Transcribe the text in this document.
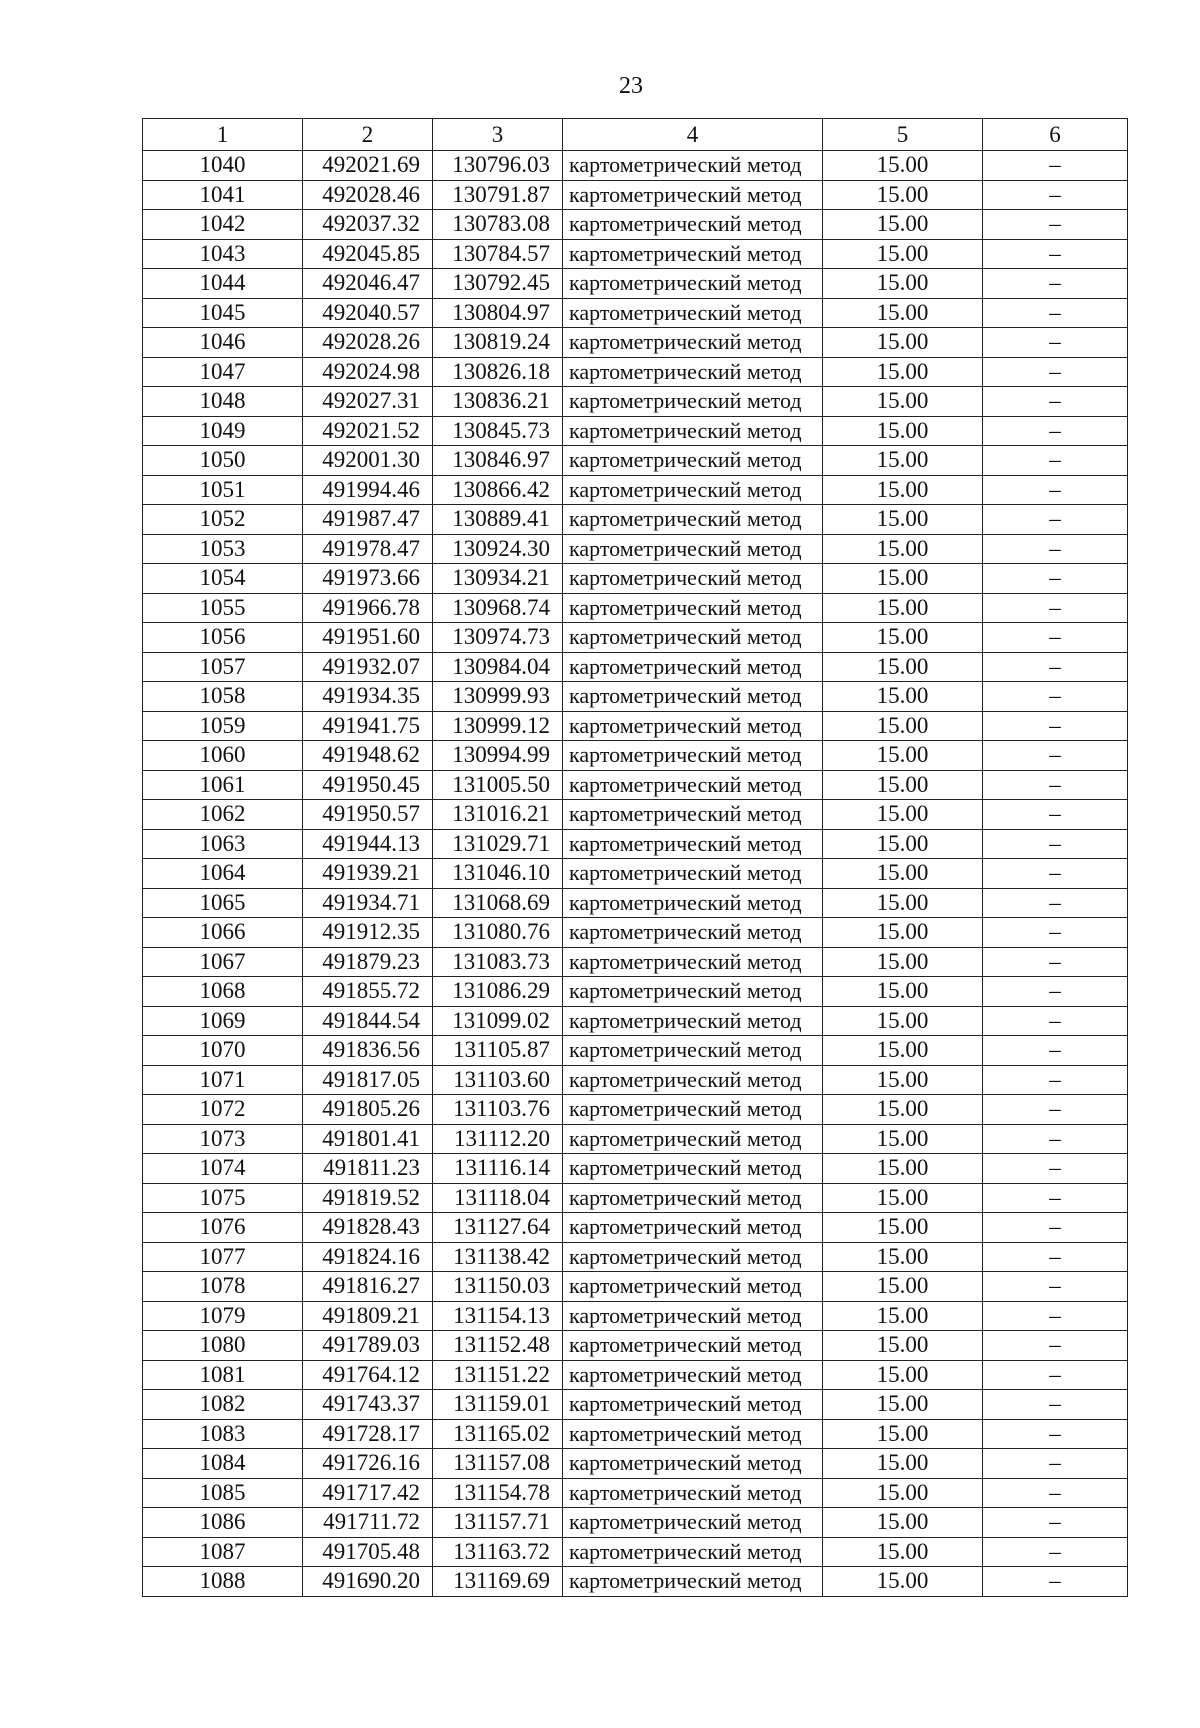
23
1	2	3	4	5	6
1040	492021.69	130796.03	картометрический метод	15.00	–
1041	492028.46	130791.87	картометрический метод	15.00	–
1042	492037.32	130783.08	картометрический метод	15.00	–
1043	492045.85	130784.57	картометрический метод	15.00	–
1044	492046.47	130792.45	картометрический метод	15.00	–
1045	492040.57	130804.97	картометрический метод	15.00	–
1046	492028.26	130819.24	картометрический метод	15.00	–
1047	492024.98	130826.18	картометрический метод	15.00	–
1048	492027.31	130836.21	картометрический метод	15.00	–
1049	492021.52	130845.73	картометрический метод	15.00	–
1050	492001.30	130846.97	картометрический метод	15.00	–
1051	491994.46	130866.42	картометрический метод	15.00	–
1052	491987.47	130889.41	картометрический метод	15.00	–
1053	491978.47	130924.30	картометрический метод	15.00	–
1054	491973.66	130934.21	картометрический метод	15.00	–
1055	491966.78	130968.74	картометрический метод	15.00	–
1056	491951.60	130974.73	картометрический метод	15.00	–
1057	491932.07	130984.04	картометрический метод	15.00	–
1058	491934.35	130999.93	картометрический метод	15.00	–
1059	491941.75	130999.12	картометрический метод	15.00	–
1060	491948.62	130994.99	картометрический метод	15.00	–
1061	491950.45	131005.50	картометрический метод	15.00	–
1062	491950.57	131016.21	картометрический метод	15.00	–
1063	491944.13	131029.71	картометрический метод	15.00	–
1064	491939.21	131046.10	картометрический метод	15.00	–
1065	491934.71	131068.69	картометрический метод	15.00	–
1066	491912.35	131080.76	картометрический метод	15.00	–
1067	491879.23	131083.73	картометрический метод	15.00	–
1068	491855.72	131086.29	картометрический метод	15.00	–
1069	491844.54	131099.02	картометрический метод	15.00	–
1070	491836.56	131105.87	картометрический метод	15.00	–
1071	491817.05	131103.60	картометрический метод	15.00	–
1072	491805.26	131103.76	картометрический метод	15.00	–
1073	491801.41	131112.20	картометрический метод	15.00	–
1074	491811.23	131116.14	картометрический метод	15.00	–
1075	491819.52	131118.04	картометрический метод	15.00	–
1076	491828.43	131127.64	картометрический метод	15.00	–
1077	491824.16	131138.42	картометрический метод	15.00	–
1078	491816.27	131150.03	картометрический метод	15.00	–
1079	491809.21	131154.13	картометрический метод	15.00	–
1080	491789.03	131152.48	картометрический метод	15.00	–
1081	491764.12	131151.22	картометрический метод	15.00	–
1082	491743.37	131159.01	картометрический метод	15.00	–
1083	491728.17	131165.02	картометрический метод	15.00	–
1084	491726.16	131157.08	картометрический метод	15.00	–
1085	491717.42	131154.78	картометрический метод	15.00	–
1086	491711.72	131157.71	картометрический метод	15.00	–
1087	491705.48	131163.72	картометрический метод	15.00	–
1088	491690.20	131169.69	картометрический метод	15.00	–
